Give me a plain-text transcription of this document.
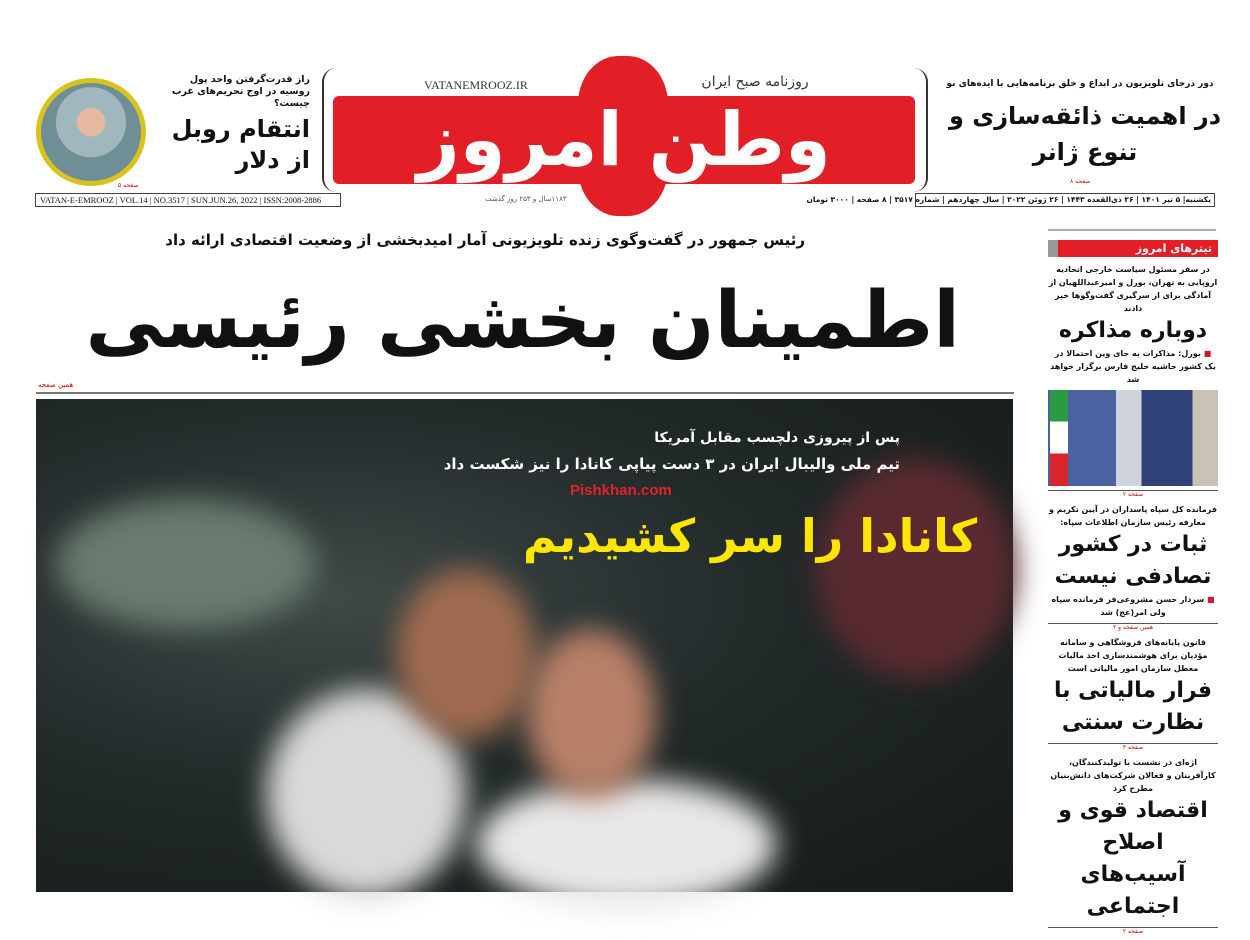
راز قدرت‌گرفتن واحد پول روسیه در اوج تحریم‌های غرب چیست؟
انتقام روبل از دلار
صفحه ۵
وطن امروز
روزنامه صبح ایران
VATANEMROOZ.IR	دور درجای تلویزیون در ابداع و خلق برنامه‌هایی با ایده‌های نو
در اهمیت ذائقه‌سازی و تنوع ژانر
صفحه ۸
VATAN-E-EMROOZ | VOL.14 | NO.3517 | SUN.JUN.26, 2022 | ISSN:2008-2886	۱۱۸۳سال و ۲۵۳ روز گذشت	یکشنبه| ۵ تیر ۱۴۰۱ | ۲۶ ذی‌القعده ۱۴۴۳ | ۲۶ ژوئن ۲۰۲۲ | سال چهاردهم | شماره ۳۵۱۷ | ۸ صفحه | ۳۰۰۰ تومان
رئیس جمهور در گفت‌وگوی زنده تلویزیونی آمار امیدبخشی از وضعیت اقتصادی ارائه داد
اطمینان بخشی رئیسی
همین صفحه
پس از پیروزی دلچسب مقابل آمریکا
تیم ملی والیبال ایران در ۳ دست پیاپی کانادا را نیز شکست داد
Pishkhan.com
کانادا را سر کشیدیم
تیترهای امروز
در سفر مسئول سیاست خارجی اتحادیه اروپایی به تهران، بورل و امیرعبداللهیان از آمادگی برای از سرگیری گفت‌وگوها خبر دادند
دوباره مذاکره
■ بورل: مذاکرات به جای وین احتمالا در یک کشور حاشیه خلیج فارس برگزار خواهد شد
صفحه ۲
فرمانده کل سپاه پاسداران در آیین تکریم و معارفه رئیس سازمان اطلاعات سپاه:
ثبات در کشور تصادفی نیست
■ سردار حسن مشروعی‌فر فرمانده سپاه ولی امر(عج) شد
همین صفحه و ۲
قانون پایانه‌های فروشگاهی و سامانه مؤدیان برای هوشمندسازی اخذ مالیات معطل سازمان امور مالیاتی است
فرار مالیاتی با نظارت سنتی
صفحه ۳
اژه‌ای در نشست با تولیدکنندگان، کارآفرینان و فعالان شرکت‌های دانش‌بنیان مطرح کرد
اقتصاد قوی و اصلاح آسیب‌های اجتماعی
صفحه ۲
